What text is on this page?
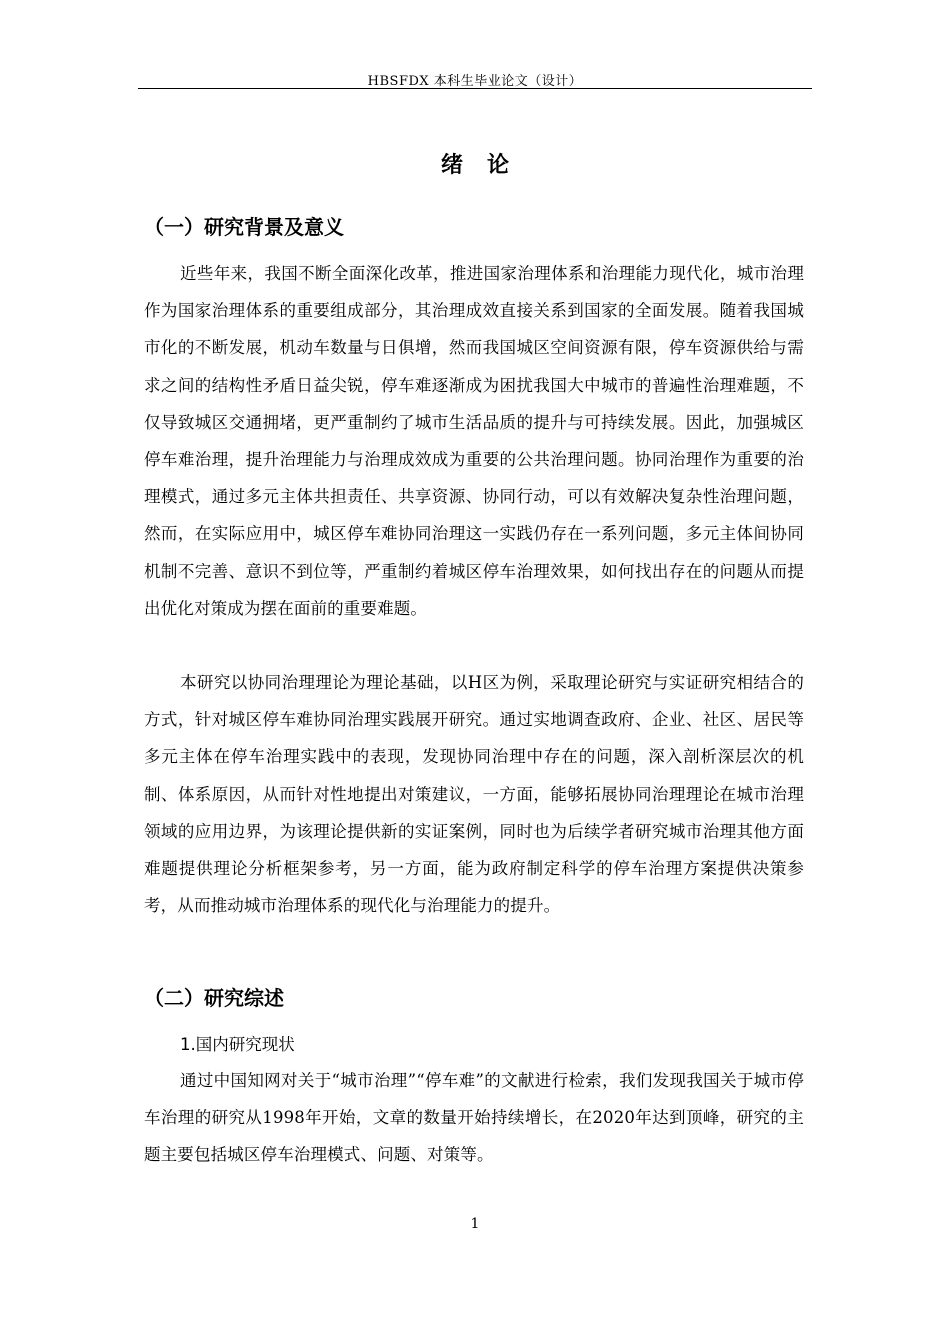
HBSFDX 本科生毕业论文（设计）
绪论
（一）研究背景及意义

近些年来，我国不断全面深化改革，推进国家治理体系和治理能力现代化，城市治理作为国家治理体系的重要组成部分，其治理成效直接关系到国家的全面发展。随着我国城市化的不断发展，机动车数量与日俱增，然而我国城区空间资源有限，停车资源供给与需求之间的结构性矛盾日益尖锐，停车难逐渐成为困扰我国大中城市的普遍性治理难题，不仅导致城区交通拥堵，更严重制约了城市生活品质的提升与可持续发展。因此，加强城区停车难治理，提升治理能力与治理成效成为重要的公共治理问题。协同治理作为重要的治理模式，通过多元主体共担责任、共享资源、协同行动，可以有效解决复杂性治理问题，然而，在实际应用中，城区停车难协同治理这一实践仍存在一系列问题，多元主体间协同机制不完善、意识不到位等，严重制约着城区停车治理效果，如何找出存在的问题从而提出优化对策成为摆在面前的重要难题。

本研究以协同治理理论为理论基础，以H区为例，采取理论研究与实证研究相结合的方式，针对城区停车难协同治理实践展开研究。通过实地调查政府、企业、社区、居民等多元主体在停车治理实践中的表现，发现协同治理中存在的问题，深入剖析深层次的机制、体系原因，从而针对性地提出对策建议，一方面，能够拓展协同治理理论在城市治理领域的应用边界，为该理论提供新的实证案例，同时也为后续学者研究城市治理其他方面难题提供理论分析框架参考，另一方面，能为政府制定科学的停车治理方案提供决策参考，从而推动城市治理体系的现代化与治理能力的提升。

（二）研究综述
1.国内研究现状

通过中国知网对关于“城市治理”“停车难”的文献进行检索，我们发现我国关于城市停车治理的研究从1998年开始，文章的数量开始持续增长，在2020年达到顶峰，研究的主题主要包括城区停车治理模式、问题、对策等。

1
